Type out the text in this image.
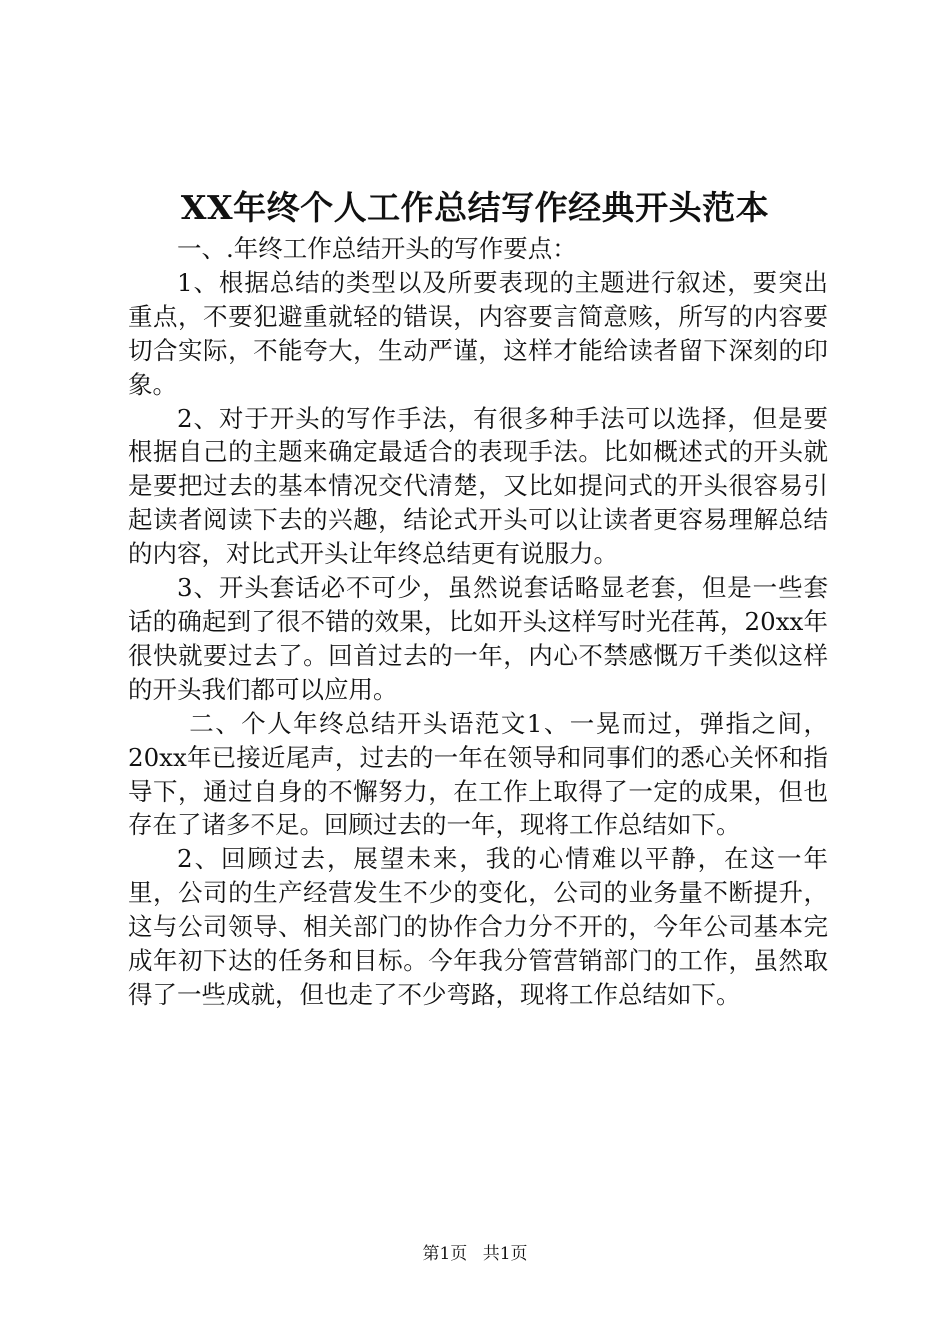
XX年终个人工作总结写作经典开头范本

一、.年终工作总结开头的写作要点：

1、根据总结的类型以及所要表现的主题进行叙述，要突出重点，不要犯避重就轻的错误，内容要言简意赅，所写的内容要切合实际，不能夸大，生动严谨，这样才能给读者留下深刻的印象。

2、对于开头的写作手法，有很多种手法可以选择，但是要根据自己的主题来确定最适合的表现手法。比如概述式的开头就是要把过去的基本情况交代清楚，又比如提问式的开头很容易引起读者阅读下去的兴趣，结论式开头可以让读者更容易理解总结的内容，对比式开头让年终总结更有说服力。

3、开头套话必不可少，虽然说套话略显老套，但是一些套话的确起到了很不错的效果，比如开头这样写时光荏苒，20xx年很快就要过去了。回首过去的一年，内心不禁感慨万千类似这样的开头我们都可以应用。

二、个人年终总结开头语范文1、一晃而过，弹指之间，20xx年已接近尾声，过去的一年在领导和同事们的悉心关怀和指导下，通过自身的不懈努力，在工作上取得了一定的成果，但也存在了诸多不足。回顾过去的一年，现将工作总结如下。

2、回顾过去，展望未来，我的心情难以平静，在这一年里，公司的生产经营发生不少的变化，公司的业务量不断提升，这与公司领导、相关部门的协作合力分不开的，今年公司基本完成年初下达的任务和目标。今年我分管营销部门的工作，虽然取得了一些成就，但也走了不少弯路，现将工作总结如下。

第1页 共1页
